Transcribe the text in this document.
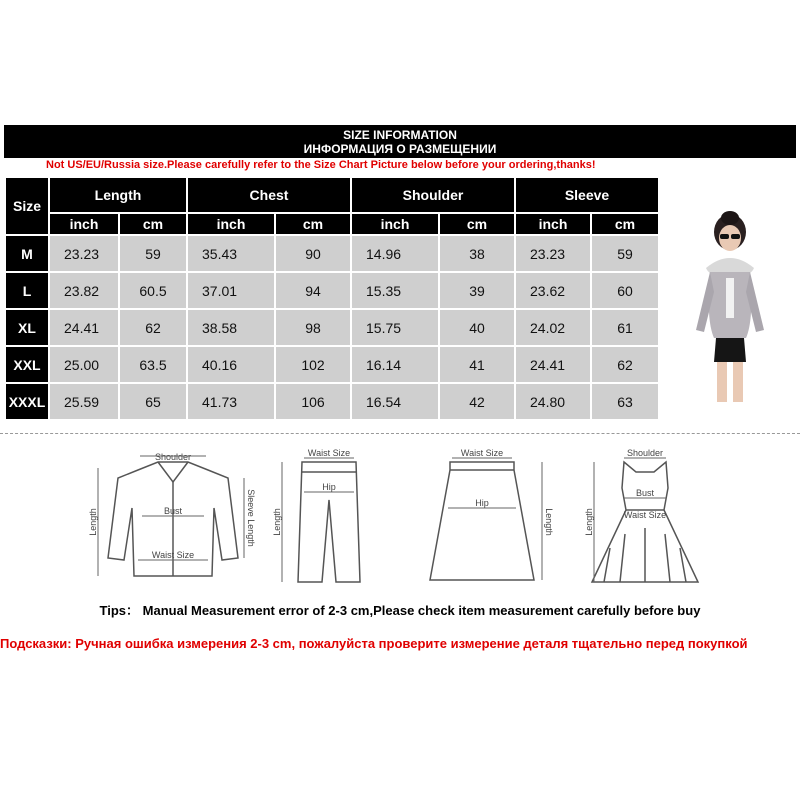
SIZE INFORMATION
ИНФОРМАЦИЯ О РАЗМЕЩЕНИИ
Not US/EU/Russia size.Please carefully refer to the Size Chart Picture below before your ordering,thanks!
Size	Length		Chest		Shoulder		Sleeve	
	inch	cm	inch	cm	inch	cm	inch	cm
M	23.23	59	35.43	90	14.96	38	23.23	59
L	23.82	60.5	37.01	94	15.35	39	23.62	60
XL	24.41	62	38.58	98	15.75	40	24.02	61
XXL	25.00	63.5	40.16	102	16.14	41	24.41	62
XXXL	25.59	65	41.73	106	16.54	42	24.80	63
Shoulder
Bust
Waist Size
Length	Sleeve Length
Waist Size
Hip
Length
Waist Size
Hip
Length
Shoulder
Bust
Waist Size
Length
Tips： Manual Measurement error of 2-3 cm,Please check item measurement carefully before buy
Подсказки: Ручная ошибка измерения 2-3 cm, пожалуйста проверите измерение деталя тщательно перед покупкой
